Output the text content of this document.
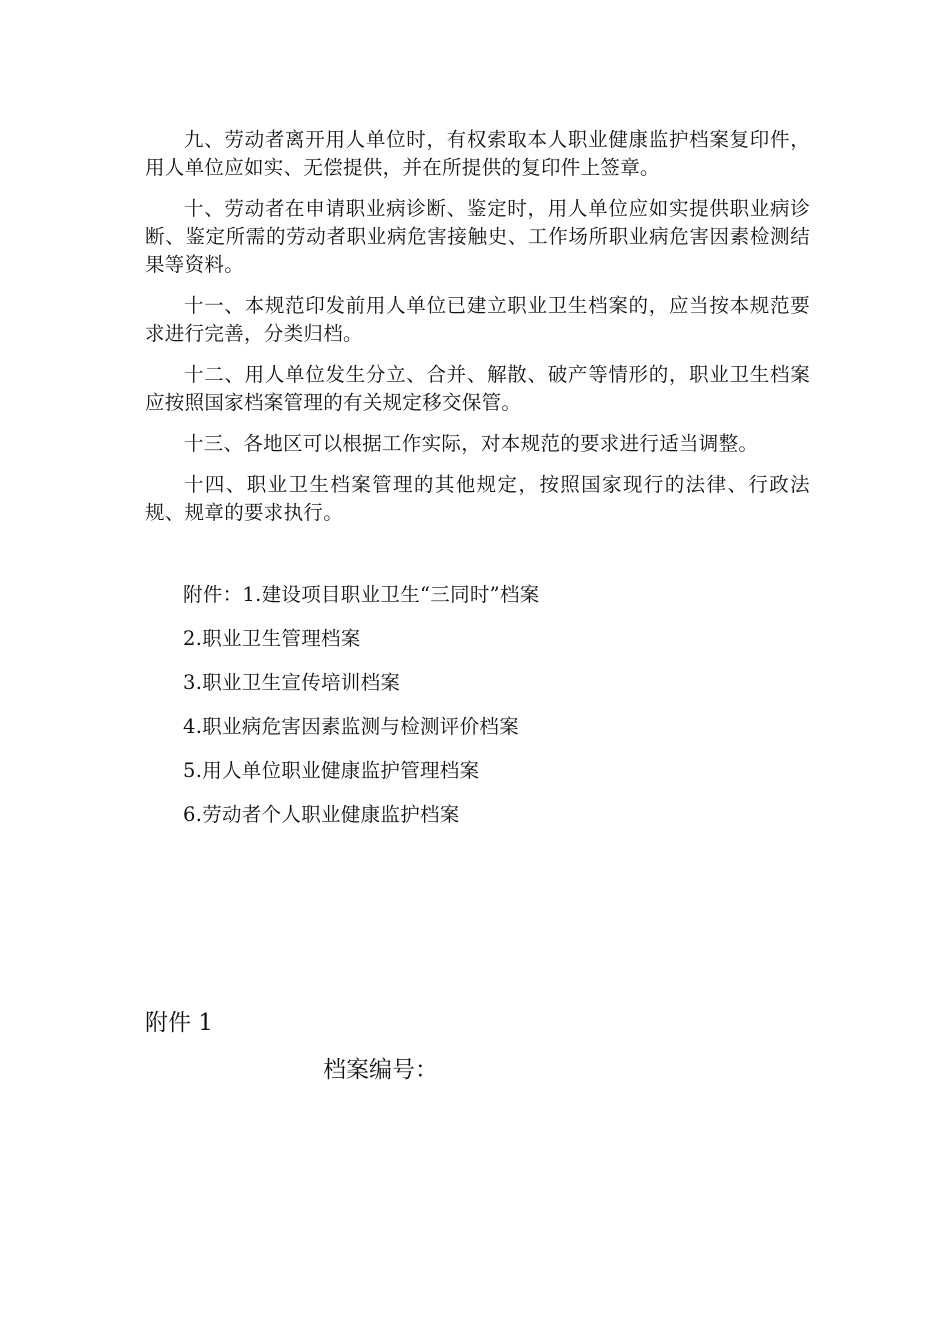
九、劳动者离开用人单位时，有权索取本人职业健康监护档案复印件，用人单位应如实、无偿提供，并在所提供的复印件上签章。

十、劳动者在申请职业病诊断、鉴定时，用人单位应如实提供职业病诊断、鉴定所需的劳动者职业病危害接触史、工作场所职业病危害因素检测结果等资料。

十一、本规范印发前用人单位已建立职业卫生档案的，应当按本规范要求进行完善，分类归档。

十二、用人单位发生分立、合并、解散、破产等情形的，职业卫生档案应按照国家档案管理的有关规定移交保管。

十三、各地区可以根据工作实际，对本规范的要求进行适当调整。

十四、职业卫生档案管理的其他规定，按照国家现行的法律、行政法规、规章的要求执行。

附件：1.建设项目职业卫生“三同时”档案

2.职业卫生管理档案

3.职业卫生宣传培训档案

4.职业病危害因素监测与检测评价档案

5.用人单位职业健康监护管理档案

6.劳动者个人职业健康监护档案

附件 1

档案编号：
